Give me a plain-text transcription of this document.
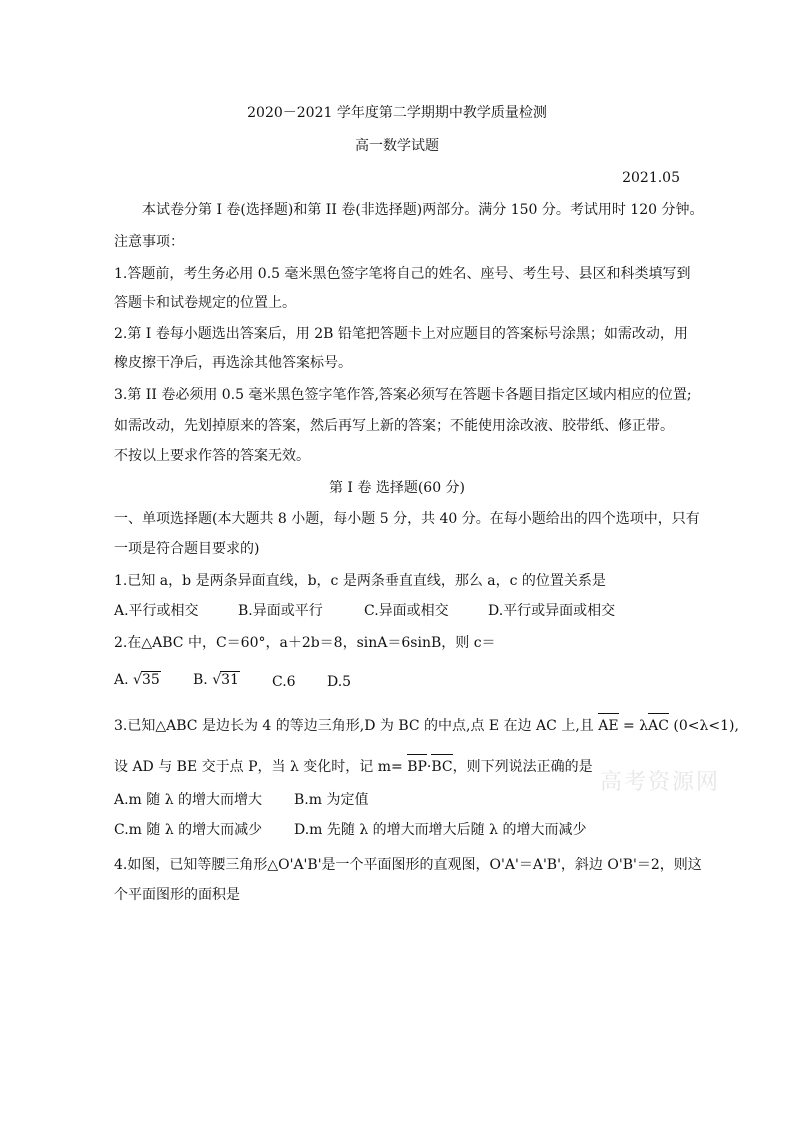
2020－2021 学年度第二学期期中教学质量检测
高一数学试题
2021.05
本试卷分第 I 卷(选择题)和第 II 卷(非选择题)两部分。满分 150 分。考试用时 120 分钟。
注意事项：
1.答题前，考生务必用 0.5 毫米黑色签字笔将自己的姓名、座号、考生号、县区和科类填写到
答题卡和试卷规定的位置上。
2.第 I 卷每小题选出答案后，用 2B 铅笔把答题卡上对应题目的答案标号涂黑；如需改动，用
橡皮擦干净后，再选涂其他答案标号。
3.第 II 卷必须用 0.5 毫米黑色签字笔作答,答案必须写在答题卡各题目指定区域内相应的位置;
如需改动，先划掉原来的答案，然后再写上新的答案；不能使用涂改液、胶带纸、修正带。
不按以上要求作答的答案无效。
第 I 卷 选择题(60 分)
一、单项选择题(本大题共 8 小题，每小题 5 分，共 40 分。在每小题给出的四个选项中，只有
一项是符合题目要求的)
1.已知 a，b 是两条异面直线，b，c 是两条垂直直线，那么 a，c 的位置关系是
A.平行或相交	B.异面或平行	C.异面或相交	D.平行或异面或相交
2.在△ABC 中，C＝60°，a＋2b＝8，sinA＝6sinB，则 c＝
A. √35 B. √31 C.6 D.5
3.已知△ABC 是边长为 4 的等边三角形,D 为 BC 的中点,点 E 在边 AC 上,且 AE = λAC (0<λ<1),
设 AD 与 BE 交于点 P，当 λ 变化时，记 m= BP·BC，则下列说法正确的是
A.m 随 λ 的增大而增大 B.m 为定值
C.m 随 λ 的增大而减少 D.m 先随 λ 的增大而增大后随 λ 的增大而减少
4.如图，已知等腰三角形△O'A'B'是一个平面图形的直观图，O'A'＝A'B'，斜边 O'B'＝2，则这
个平面图形的面积是
高考资源网
